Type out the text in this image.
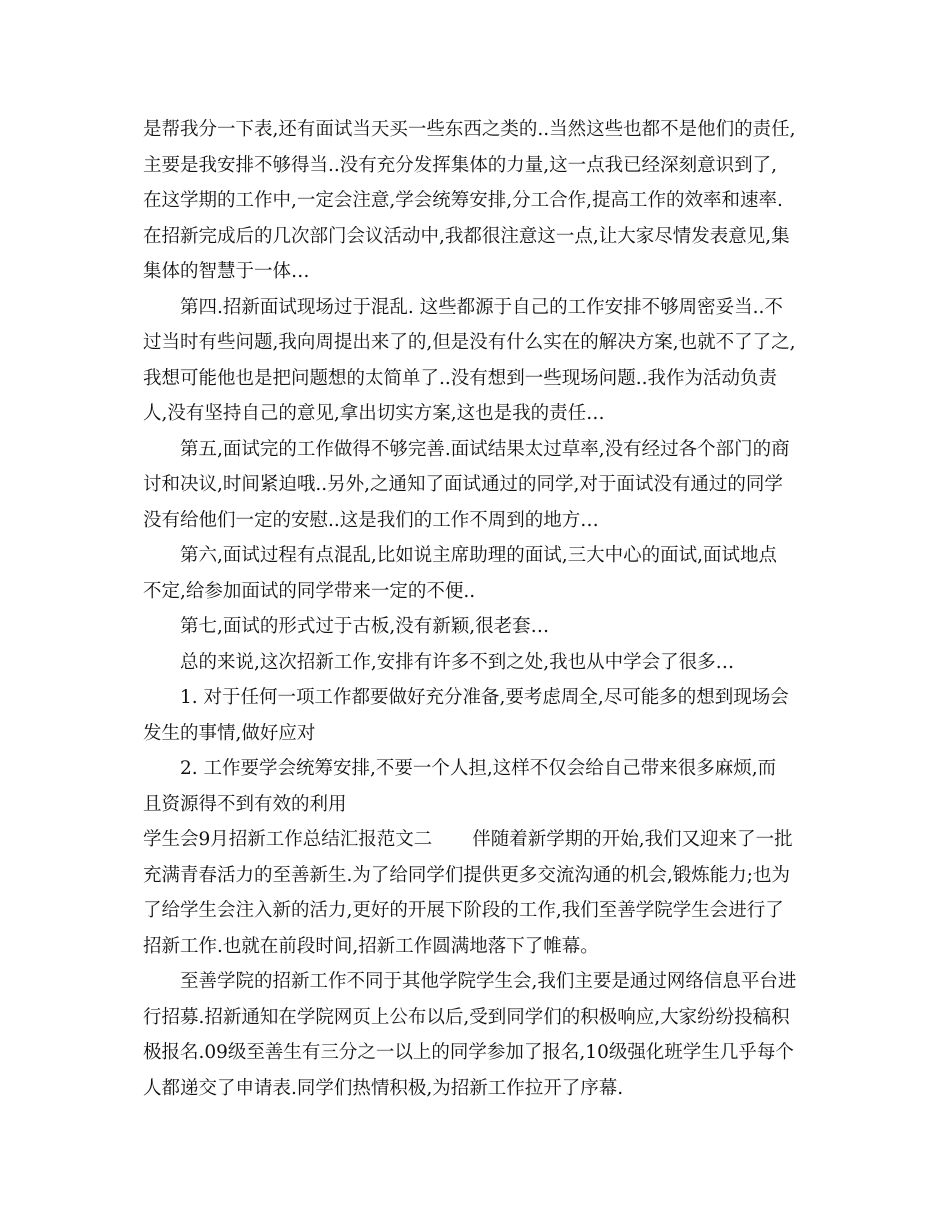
是帮我分一下表,还有面试当天买一些东西之类的..当然这些也都不是他们的责任,
主要是我安排不够得当..没有充分发挥集体的力量,这一点我已经深刻意识到了,
在这学期的工作中,一定会注意,学会统筹安排,分工合作,提高工作的效率和速率.
在招新完成后的几次部门会议活动中,我都很注意这一点,让大家尽情发表意见,集
集体的智慧于一体…
第四.招新面试现场过于混乱. 这些都源于自己的工作安排不够周密妥当..不
过当时有些问题,我向周提出来了的,但是没有什么实在的解决方案,也就不了了之,
我想可能他也是把问题想的太简单了..没有想到一些现场问题..我作为活动负责
人,没有坚持自己的意见,拿出切实方案,这也是我的责任…
第五,面试完的工作做得不够完善.面试结果太过草率,没有经过各个部门的商
讨和决议,时间紧迫哦..另外,之通知了面试通过的同学,对于面试没有通过的同学
没有给他们一定的安慰..这是我们的工作不周到的地方…
第六,面试过程有点混乱,比如说主席助理的面试,三大中心的面试,面试地点
不定,给参加面试的同学带来一定的不便..
第七,面试的形式过于古板,没有新颖,很老套…
总的来说,这次招新工作,安排有许多不到之处,我也从中学会了很多…
1. 对于任何一项工作都要做好充分准备,要考虑周全,尽可能多的想到现场会
发生的事情,做好应对
2. 工作要学会统筹安排,不要一个人担,这样不仅会给自己带来很多麻烦,而
且资源得不到有效的利用
学生会9月招新工作总结汇报范文二 伴随着新学期的开始,我们又迎来了一批
充满青春活力的至善新生.为了给同学们提供更多交流沟通的机会,锻炼能力;也为
了给学生会注入新的活力,更好的开展下阶段的工作,我们至善学院学生会进行了
招新工作.也就在前段时间,招新工作圆满地落下了帷幕。
至善学院的招新工作不同于其他学院学生会,我们主要是通过网络信息平台进
行招募.招新通知在学院网页上公布以后,受到同学们的积极响应,大家纷纷投稿积
极报名.09级至善生有三分之一以上的同学参加了报名,10级强化班学生几乎每个
人都递交了申请表.同学们热情积极,为招新工作拉开了序幕.
